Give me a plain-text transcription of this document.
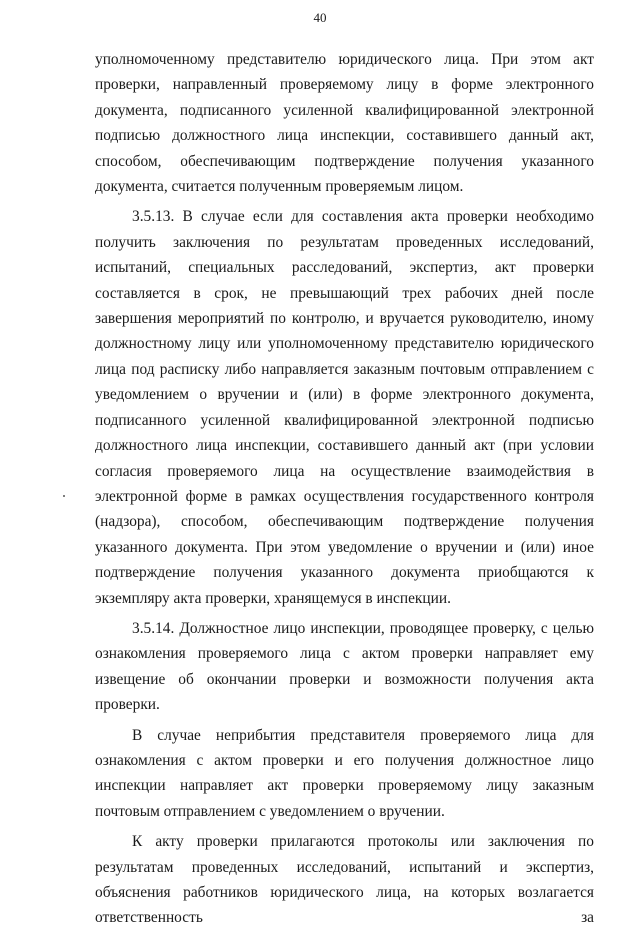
40

уполномоченному представителю юридического лица. При этом акт проверки, направленный проверяемому лицу в форме электронного документа, подписанного усиленной квалифицированной электронной подписью должностного лица инспекции, составившего данный акт, способом, обеспечивающим подтверждение получения указанного документа, считается полученным проверяемым лицом.

3.5.13. В случае если для составления акта проверки необходимо получить заключения по результатам проведенных исследований, испытаний, специальных расследований, экспертиз, акт проверки составляется в срок, не превышающий трех рабочих дней после завершения мероприятий по контролю, и вручается руководителю, иному должностному лицу или уполномоченному представителю юридического лица под расписку либо направляется заказным почтовым отправлением с уведомлением о вручении и (или) в форме электронного документа, подписанного усиленной квалифицированной электронной подписью должностного лица инспекции, составившего данный акт (при условии согласия проверяемого лица на осуществление взаимодействия в электронной форме в рамках осуществления государственного контроля (надзора), способом, обеспечивающим подтверждение получения указанного документа. При этом уведомление о вручении и (или) иное подтверждение получения указанного документа приобщаются к экземпляру акта проверки, хранящемуся в инспекции.

3.5.14. Должностное лицо инспекции, проводящее проверку, с целью ознакомления проверяемого лица с актом проверки направляет ему извещение об окончании проверки и возможности получения акта проверки.

В случае неприбытия представителя проверяемого лица для ознакомления с актом проверки и его получения должностное лицо инспекции направляет акт проверки проверяемому лицу заказным почтовым отправлением с уведомлением о вручении.

К акту проверки прилагаются протоколы или заключения по результатам проведенных исследований, испытаний и экспертиз, объяснения работников юридического лица, на которых возлагается ответственность за
